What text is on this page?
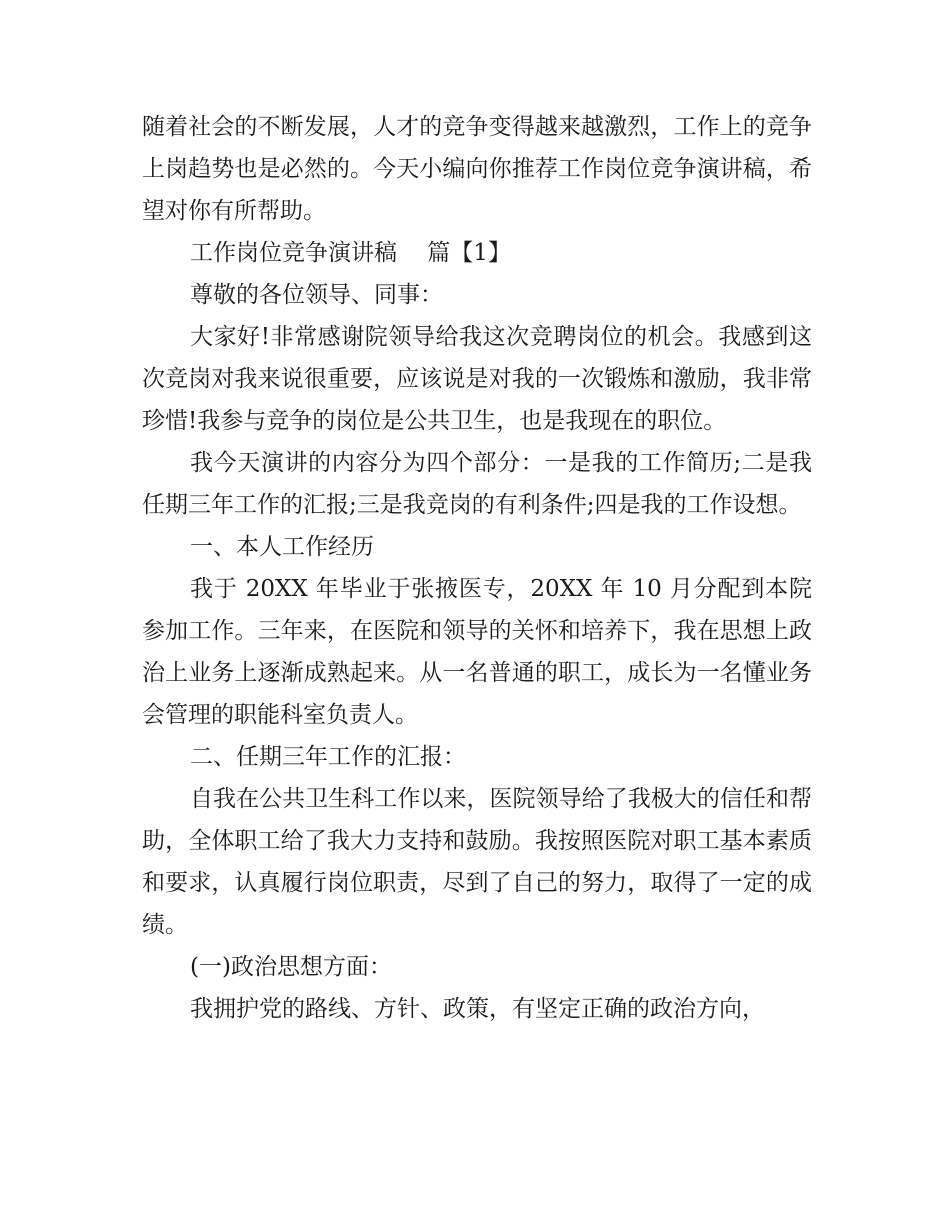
随着社会的不断发展，人才的竞争变得越来越激烈，工作上的竞争上岗趋势也是必然的。今天小编向你推荐工作岗位竞争演讲稿，希望对你有所帮助。

工作岗位竞争演讲稿　 篇【1】

尊敬的各位领导、同事：

大家好!非常感谢院领导给我这次竞聘岗位的机会。我感到这次竞岗对我来说很重要，应该说是对我的一次锻炼和激励，我非常珍惜!我参与竞争的岗位是公共卫生，也是我现在的职位。

我今天演讲的内容分为四个部分：一是我的工作简历;二是我任期三年工作的汇报;三是我竞岗的有利条件;四是我的工作设想。

一、本人工作经历

我于 20XX 年毕业于张掖医专，20XX 年 10 月分配到本院参加工作。三年来，在医院和领导的关怀和培养下，我在思想上政治上业务上逐渐成熟起来。从一名普通的职工，成长为一名懂业务会管理的职能科室负责人。

二、任期三年工作的汇报：

自我在公共卫生科工作以来，医院领导给了我极大的信任和帮助，全体职工给了我大力支持和鼓励。我按照医院对职工基本素质和要求，认真履行岗位职责，尽到了自己的努力，取得了一定的成绩。

(一)政治思想方面：

我拥护党的路线、方针、政策，有坚定正确的政治方向，
